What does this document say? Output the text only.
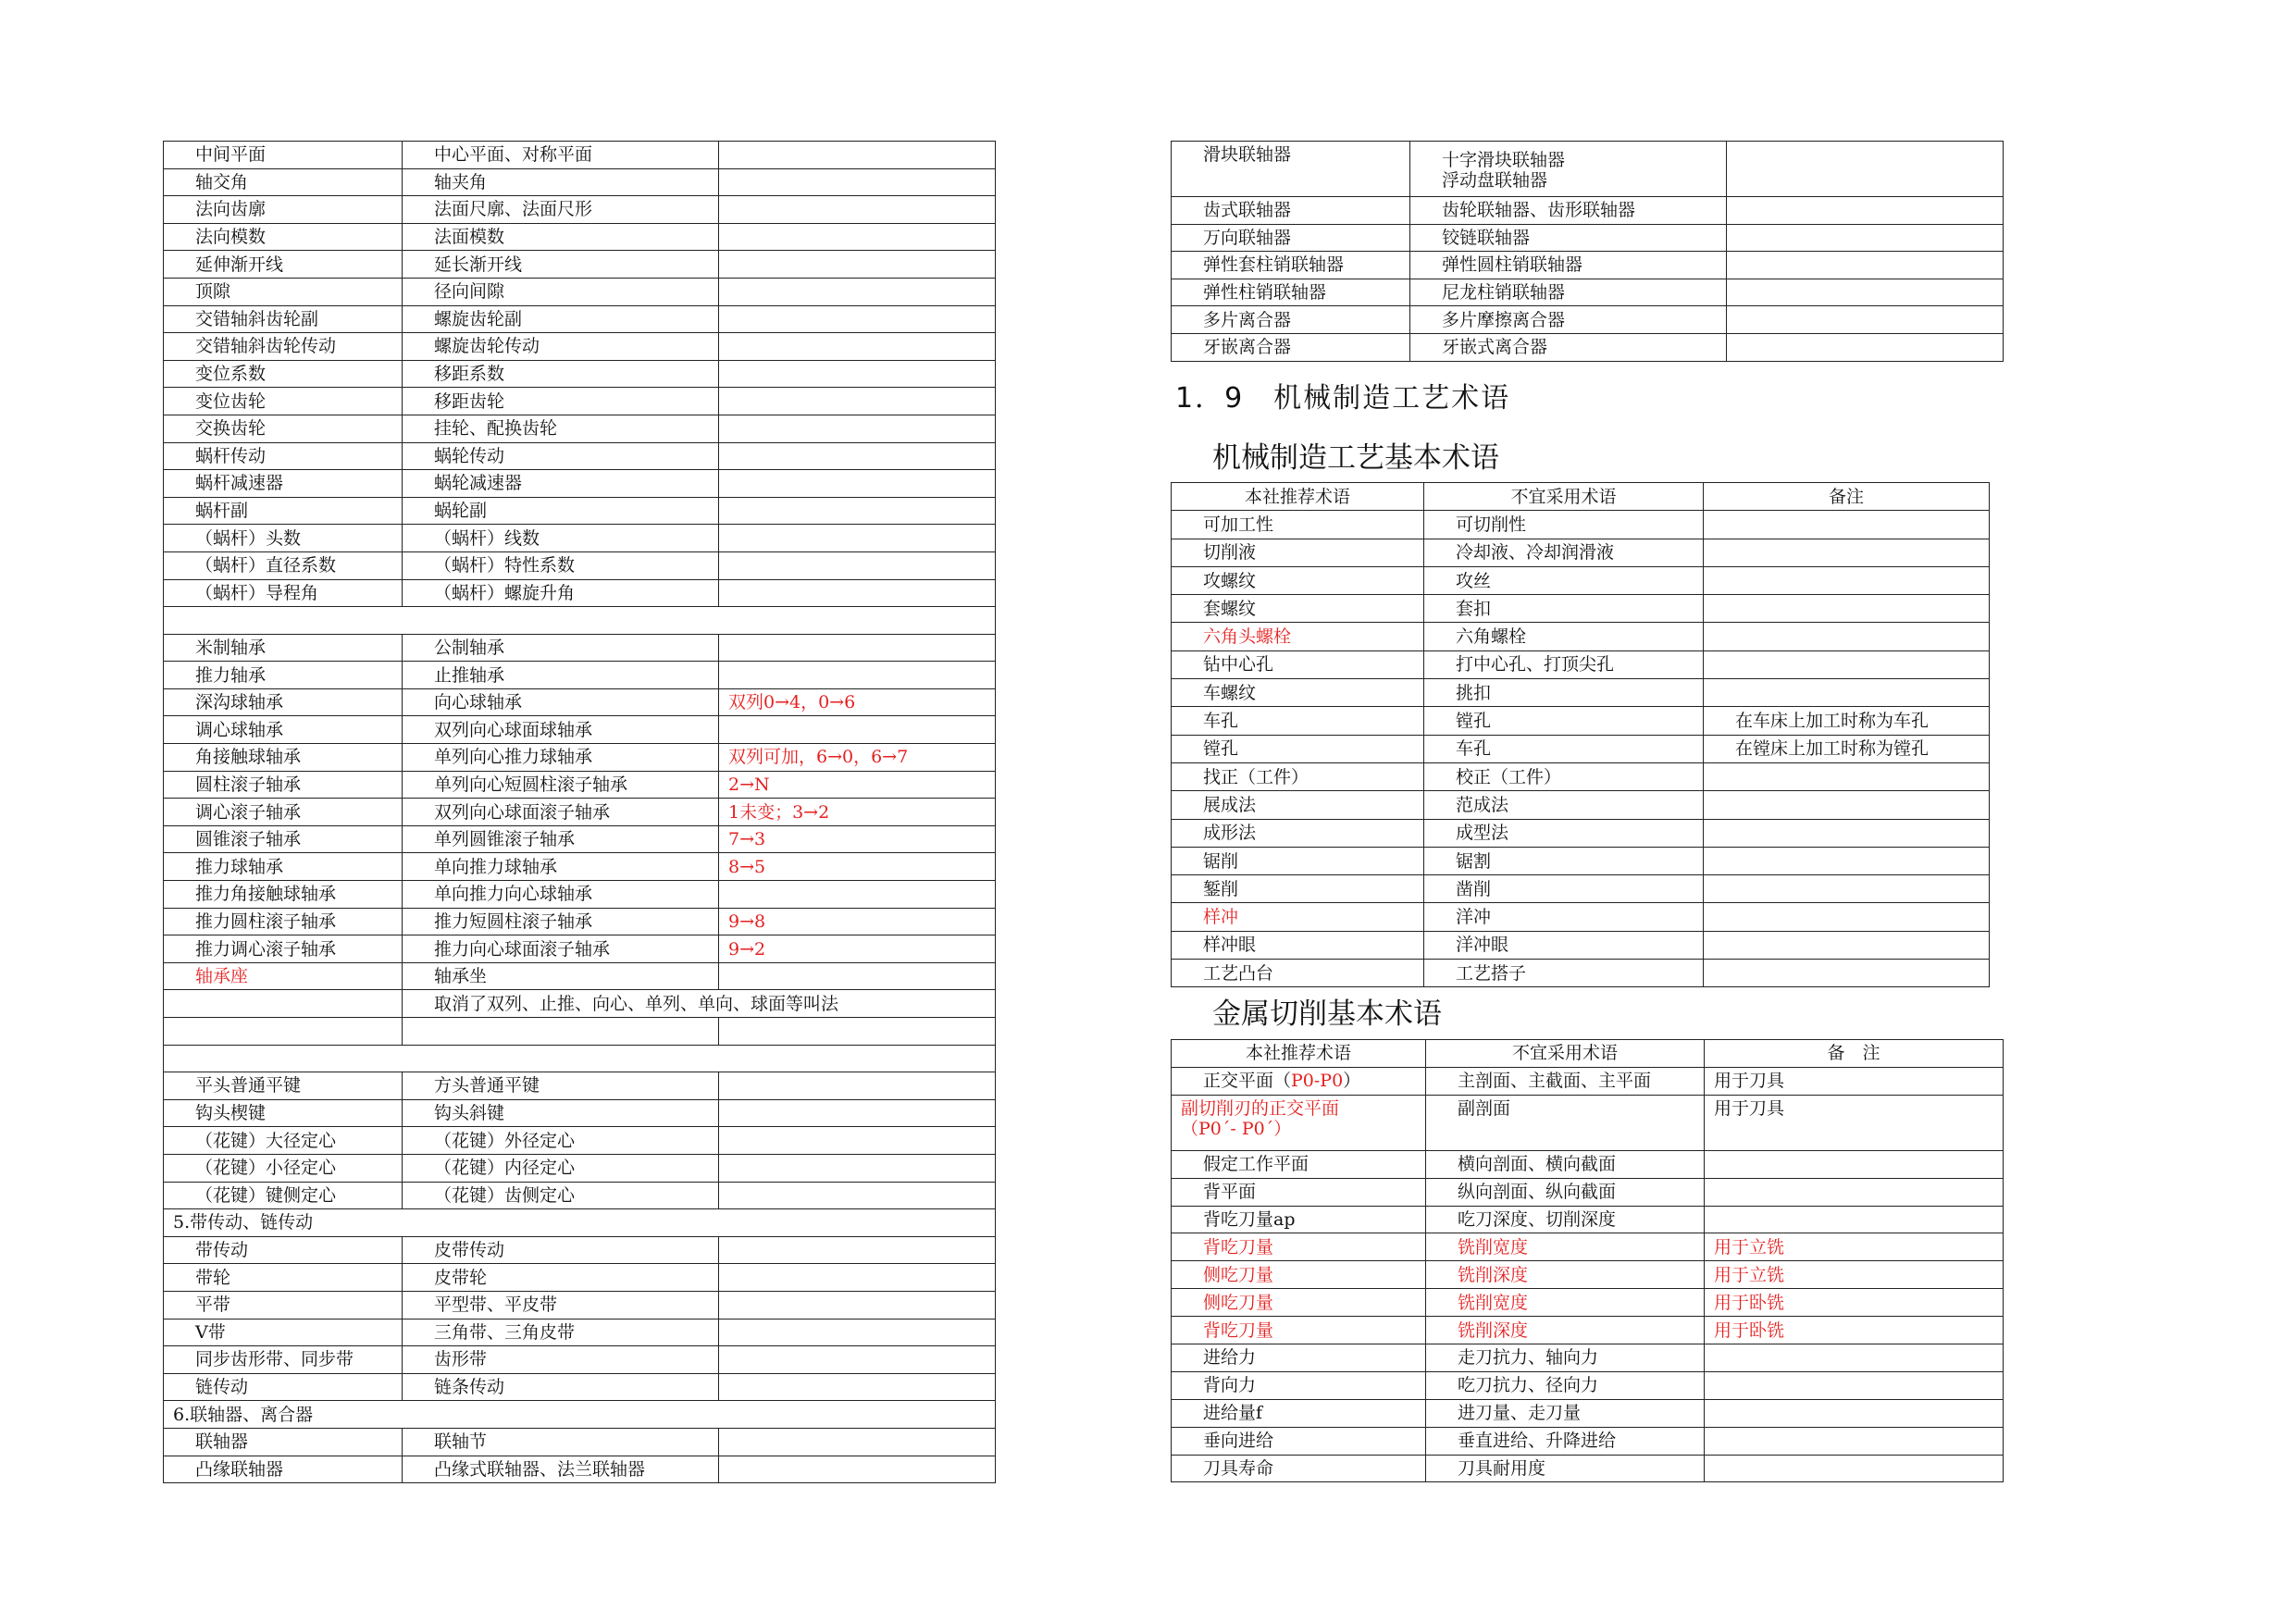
中间平面	中心平面、对称平面	
轴交角	轴夹角	
法向齿廓	法面尺廓、法面尺形	
法向模数	法面模数	
延伸渐开线	延长渐开线	
顶隙	径向间隙	
交错轴斜齿轮副	螺旋齿轮副	
交错轴斜齿轮传动	螺旋齿轮传动	
变位系数	移距系数	
变位齿轮	移距齿轮	
交换齿轮	挂轮、配换齿轮	
蜗杆传动	蜗轮传动	
蜗杆减速器	蜗轮减速器	
蜗杆副	蜗轮副	
（蜗杆）头数	（蜗杆）线数	
（蜗杆）直径系数	（蜗杆）特性系数	
（蜗杆）导程角	（蜗杆）螺旋升角	

米制轴承	公制轴承	
推力轴承	止推轴承	
深沟球轴承	向心球轴承	双列0→4，0→6
调心球轴承	双列向心球面球轴承	
角接触球轴承	单列向心推力球轴承	双列可加，6→0，6→7
圆柱滚子轴承	单列向心短圆柱滚子轴承	2→N
调心滚子轴承	双列向心球面滚子轴承	1未变；3→2
圆锥滚子轴承	单列圆锥滚子轴承	7→3
推力球轴承	单向推力球轴承	8→5
推力角接触球轴承	单向推力向心球轴承	
推力圆柱滚子轴承	推力短圆柱滚子轴承	9→8
推力调心滚子轴承	推力向心球面滚子轴承	9→2
轴承座	轴承坐	
	取消了双列、止推、向心、单列、单向、球面等叫法	

平头普通平键	方头普通平键	
钩头楔键	钩头斜键	
（花键）大径定心	（花键）外径定心	
（花键）小径定心	（花键）内径定心	
（花键）键侧定心	（花键）齿侧定心	
5.带传动、链传动		
带传动	皮带传动	
带轮	皮带轮	
平带	平型带、平皮带	
V带	三角带、三角皮带	
同步齿形带、同步带	齿形带	
链传动	链条传动	
6.联轴器、离合器		
联轴器	联轴节	
凸缘联轴器	凸缘式联轴器、法兰联轴器	
滑块联轴器	十字滑块联轴器
浮动盘联轴器	
齿式联轴器	齿轮联轴器、齿形联轴器	
万向联轴器	铰链联轴器	
弹性套柱销联轴器	弹性圆柱销联轴器	
弹性柱销联轴器	尼龙柱销联轴器	
多片离合器	多片摩擦离合器	
牙嵌离合器	牙嵌式离合器	
1．9　机械制造工艺术语
机械制造工艺基本术语
本社推荐术语	不宜采用术语	备注
可加工性	可切削性	
切削液	冷却液、冷却润滑液	
攻螺纹	攻丝	
套螺纹	套扣	
六角头螺栓	六角螺栓	
钻中心孔	打中心孔、打顶尖孔	
车螺纹	挑扣	
车孔	镗孔	在车床上加工时称为车孔
镗孔	车孔	在镗床上加工时称为镗孔
找正（工件）	校正（工件）	
展成法	范成法	
成形法	成型法	
锯削	锯割	
錾削	凿削	
样冲	洋冲	
样冲眼	洋冲眼	
工艺凸台	工艺搭子	
金属切削基本术语
本社推荐术语	不宜采用术语	备　注
正交平面（P0-P0）	主剖面、主截面、主平面	用于刀具
副切削刃的正交平面
（P0´- P0´）	副剖面	用于刀具
假定工作平面	横向剖面、横向截面	
背平面	纵向剖面、纵向截面	
背吃刀量ap	吃刀深度、切削深度	
背吃刀量	铣削宽度	用于立铣
侧吃刀量	铣削深度	用于立铣
侧吃刀量	铣削宽度	用于卧铣
背吃刀量	铣削深度	用于卧铣
进给力	走刀抗力、轴向力	
背向力	吃刀抗力、径向力	
进给量f	进刀量、走刀量	
垂向进给	垂直进给、升降进给	
刀具寿命	刀具耐用度	
